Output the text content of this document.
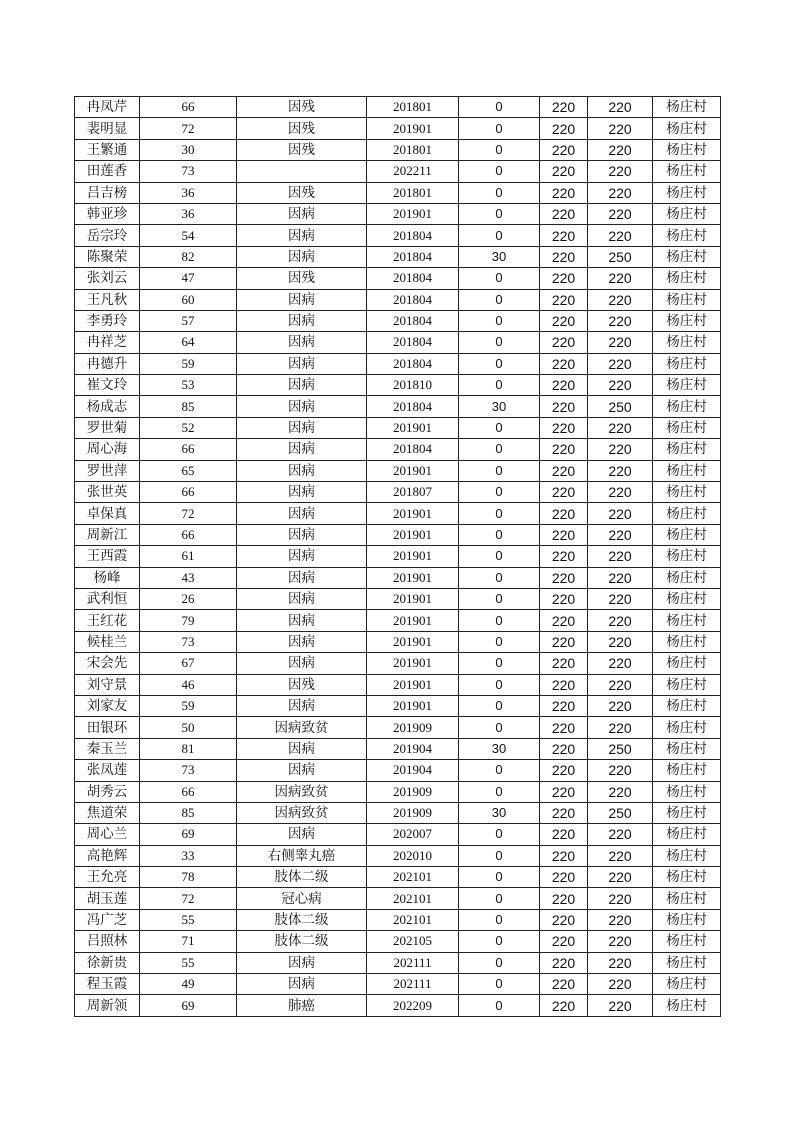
冉凤芹	66	因残	201801	0	220	220	杨庄村
裴明显	72	因残	201901	0	220	220	杨庄村
王繁通	30	因残	201801	0	220	220	杨庄村
田莲香	73		202211	0	220	220	杨庄村
吕吉榜	36	因残	201801	0	220	220	杨庄村
韩亚珍	36	因病	201901	0	220	220	杨庄村
岳宗玲	54	因病	201804	0	220	220	杨庄村
陈聚荣	82	因病	201804	30	220	250	杨庄村
张刘云	47	因残	201804	0	220	220	杨庄村
王凡秋	60	因病	201804	0	220	220	杨庄村
李勇玲	57	因病	201804	0	220	220	杨庄村
冉祥芝	64	因病	201804	0	220	220	杨庄村
冉德升	59	因病	201804	0	220	220	杨庄村
崔文玲	53	因病	201810	0	220	220	杨庄村
杨成志	85	因病	201804	30	220	250	杨庄村
罗世菊	52	因病	201901	0	220	220	杨庄村
周心海	66	因病	201804	0	220	220	杨庄村
罗世萍	65	因病	201901	0	220	220	杨庄村
张世英	66	因病	201807	0	220	220	杨庄村
卓保真	72	因病	201901	0	220	220	杨庄村
周新江	66	因病	201901	0	220	220	杨庄村
王西霞	61	因病	201901	0	220	220	杨庄村
杨峰	43	因病	201901	0	220	220	杨庄村
武利恒	26	因病	201901	0	220	220	杨庄村
王红花	79	因病	201901	0	220	220	杨庄村
候桂兰	73	因病	201901	0	220	220	杨庄村
宋会先	67	因病	201901	0	220	220	杨庄村
刘守景	46	因残	201901	0	220	220	杨庄村
刘家友	59	因病	201901	0	220	220	杨庄村
田银环	50	因病致贫	201909	0	220	220	杨庄村
秦玉兰	81	因病	201904	30	220	250	杨庄村
张凤莲	73	因病	201904	0	220	220	杨庄村
胡秀云	66	因病致贫	201909	0	220	220	杨庄村
焦道荣	85	因病致贫	201909	30	220	250	杨庄村
周心兰	69	因病	202007	0	220	220	杨庄村
高艳辉	33	右侧睾丸癌	202010	0	220	220	杨庄村
王允亮	78	肢体二级	202101	0	220	220	杨庄村
胡玉莲	72	冠心病	202101	0	220	220	杨庄村
冯广芝	55	肢体二级	202101	0	220	220	杨庄村
吕照林	71	肢体二级	202105	0	220	220	杨庄村
徐新贵	55	因病	202111	0	220	220	杨庄村
程玉霞	49	因病	202111	0	220	220	杨庄村
周新领	69	肺癌	202209	0	220	220	杨庄村
